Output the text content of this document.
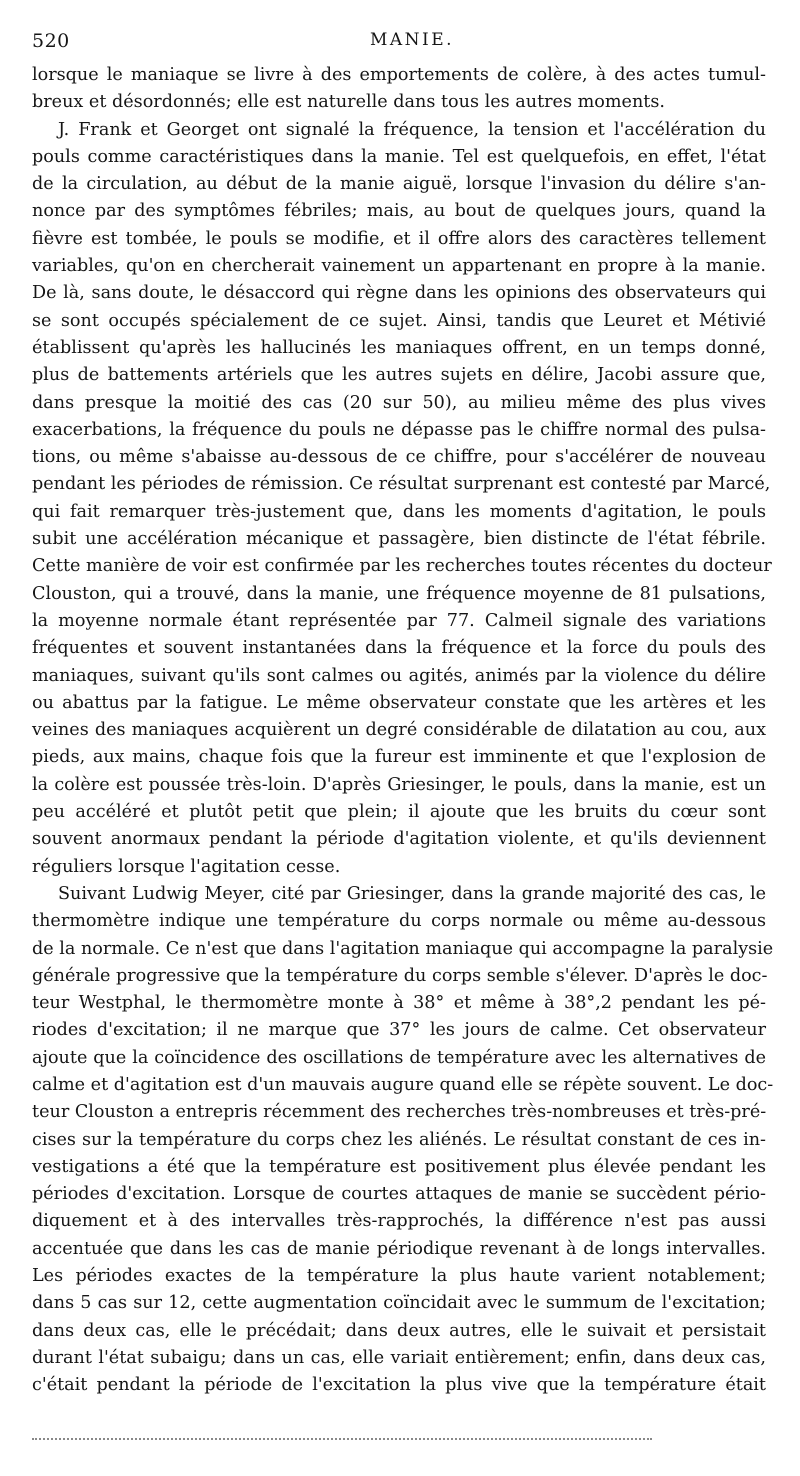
520	MANIE.
lorsque le maniaque se livre à des emportements de colère, à des actes tumul-
breux et désordonnés; elle est naturelle dans tous les autres moments.
J. Frank et Georget ont signalé la fréquence, la tension et l'accélération du
pouls comme caractéristiques dans la manie. Tel est quelquefois, en effet, l'état
de la circulation, au début de la manie aiguë, lorsque l'invasion du délire s'an-
nonce par des symptômes fébriles; mais, au bout de quelques jours, quand la
fièvre est tombée, le pouls se modifie, et il offre alors des caractères tellement
variables, qu'on en chercherait vainement un appartenant en propre à la manie.
De là, sans doute, le désaccord qui règne dans les opinions des observateurs qui
se sont occupés spécialement de ce sujet. Ainsi, tandis que Leuret et Métivié
établissent qu'après les hallucinés les maniaques offrent, en un temps donné,
plus de battements artériels que les autres sujets en délire, Jacobi assure que,
dans presque la moitié des cas (20 sur 50), au milieu même des plus vives
exacerbations, la fréquence du pouls ne dépasse pas le chiffre normal des pulsa-
tions, ou même s'abaisse au-dessous de ce chiffre, pour s'accélérer de nouveau
pendant les périodes de rémission. Ce résultat surprenant est contesté par Marcé,
qui fait remarquer très-justement que, dans les moments d'agitation, le pouls
subit une accélération mécanique et passagère, bien distincte de l'état fébrile.
Cette manière de voir est confirmée par les recherches toutes récentes du docteur
Clouston, qui a trouvé, dans la manie, une fréquence moyenne de 81 pulsations,
la moyenne normale étant représentée par 77. Calmeil signale des variations
fréquentes et souvent instantanées dans la fréquence et la force du pouls des
maniaques, suivant qu'ils sont calmes ou agités, animés par la violence du délire
ou abattus par la fatigue. Le même observateur constate que les artères et les
veines des maniaques acquièrent un degré considérable de dilatation au cou, aux
pieds, aux mains, chaque fois que la fureur est imminente et que l'explosion de
la colère est poussée très-loin. D'après Griesinger, le pouls, dans la manie, est un
peu accéléré et plutôt petit que plein; il ajoute que les bruits du cœur sont
souvent anormaux pendant la période d'agitation violente, et qu'ils deviennent
réguliers lorsque l'agitation cesse.
Suivant Ludwig Meyer, cité par Griesinger, dans la grande majorité des cas, le
thermomètre indique une température du corps normale ou même au-dessous
de la normale. Ce n'est que dans l'agitation maniaque qui accompagne la paralysie
générale progressive que la température du corps semble s'élever. D'après le doc-
teur Westphal, le thermomètre monte à 38° et même à 38°,2 pendant les pé-
riodes d'excitation; il ne marque que 37° les jours de calme. Cet observateur
ajoute que la coïncidence des oscillations de température avec les alternatives de
calme et d'agitation est d'un mauvais augure quand elle se répète souvent. Le doc-
teur Clouston a entrepris récemment des recherches très-nombreuses et très-pré-
cises sur la température du corps chez les aliénés. Le résultat constant de ces in-
vestigations a été que la température est positivement plus élevée pendant les
périodes d'excitation. Lorsque de courtes attaques de manie se succèdent pério-
diquement et à des intervalles très-rapprochés, la différence n'est pas aussi
accentuée que dans les cas de manie périodique revenant à de longs intervalles.
Les périodes exactes de la température la plus haute varient notablement;
dans 5 cas sur 12, cette augmentation coïncidait avec le summum de l'excitation;
dans deux cas, elle le précédait; dans deux autres, elle le suivait et persistait
durant l'état subaigu; dans un cas, elle variait entièrement; enfin, dans deux cas,
c'était pendant la période de l'excitation la plus vive que la température était
